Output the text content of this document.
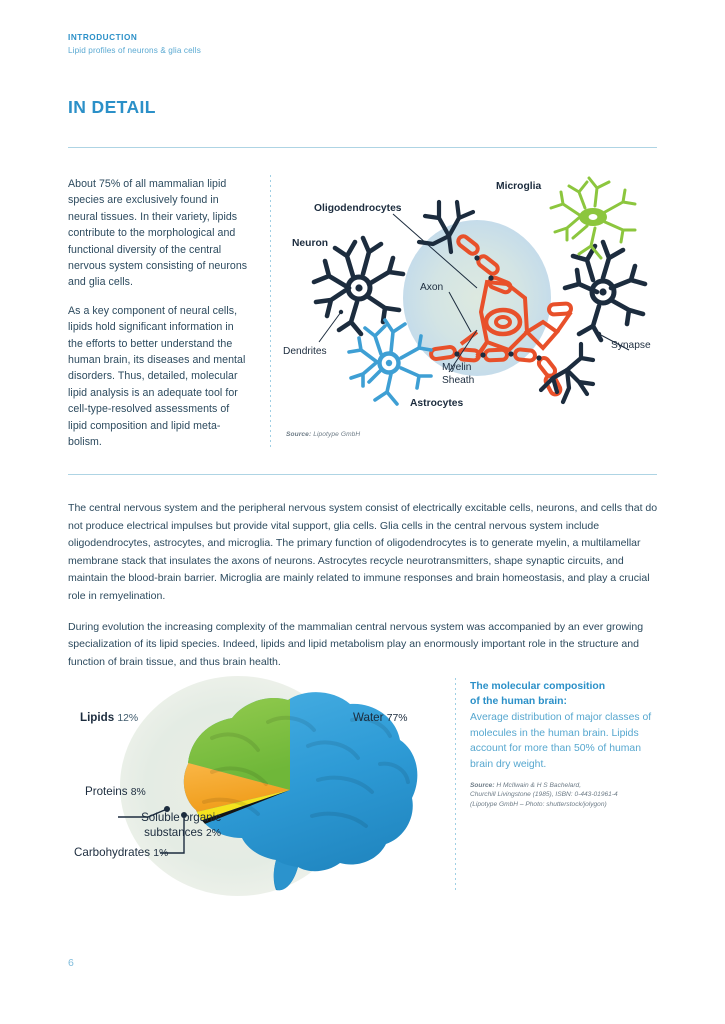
INTRODUCTION
Lipid profiles of neurons & glia cells
IN DETAIL

About 75% of all mammalian lipid species are exclusively found in neural tissues. In their variety, lipids contribute to the morphological and functional diversity of the central nervous system consisting of neurons and glia cells.

As a key component of neural cells, lipids hold significant information in the efforts to better understand the human brain, its diseases and mental disorders. Thus, detailed, molecular lipid analysis is an adequate tool for cell-type-resolved assessments of lipid composition and lipid meta-bolism.

Oligodendrocytes
Microglia
Neuron
Axon
Dendrites
Myelin
Sheath
Astrocytes
Synapse
Source: Lipotype GmbH

The central nervous system and the peripheral nervous system consist of electrically excitable cells, neurons, and cells that do not produce electrical impulses but provide vital support, glia cells. Glia cells in the central nervous system include oligodendrocytes, astrocytes, and microglia. The primary function of oligodendrocytes is to generate myelin, a multilamellar membrane stack that insulates the axons of neurons. Astrocytes recycle neurotransmitters, shape synaptic circuits, and maintain the blood-brain barrier. Microglia are mainly related to immune responses and brain homeostasis, and play a crucial role in remyelination.

During evolution the increasing complexity of the mammalian central nervous system was accompanied by an ever growing specialization of its lipid species. Indeed, lipids and lipid metabolism play an enormously important role in the structure and function of brain tissue, and thus brain health.

Lipids 12%	Water 77%
Proteins 8%
Soluble organic
substances 2%
Carbohydrates 1%
The molecular composition
of the human brain:
Average distribution of major classes of molecules in the human brain. Lipids account for more than 50% of human brain dry weight.
Source: H McIlwain & H S Bachelard,
Churchill Livingstone (1985), ISBN: 0-443-01961-4
(Lipotype GmbH – Photo: shutterstock/jolygon)
6
